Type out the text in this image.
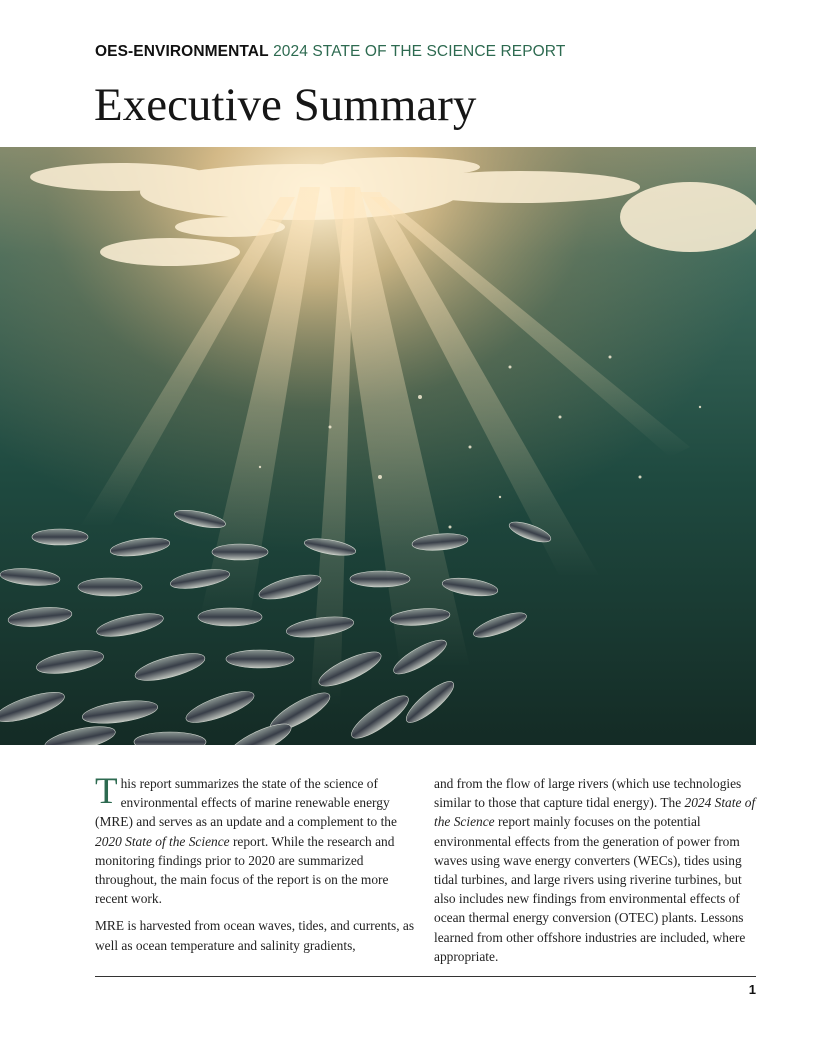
OES-ENVIRONMENTAL 2024 STATE OF THE SCIENCE REPORT
Executive Summary

This report summarizes the state of the science of environmental effects of marine renewable energy (MRE) and serves as an update and a complement to the 2020 State of the Science report. While the research and monitoring findings prior to 2020 are summarized throughout, the main focus of the report is on the more recent work.

MRE is harvested from ocean waves, tides, and currents, as well as ocean temperature and salinity gradients,

and from the flow of large rivers (which use technologies similar to those that capture tidal energy). The 2024 State of the Science report mainly focuses on the potential environmental effects from the generation of power from waves using wave energy converters (WECs), tides using tidal turbines, and large rivers using riverine turbines, but also includes new findings from environmental effects of ocean thermal energy conversion (OTEC) plants. Lessons learned from other offshore industries are included, where appropriate.

1
